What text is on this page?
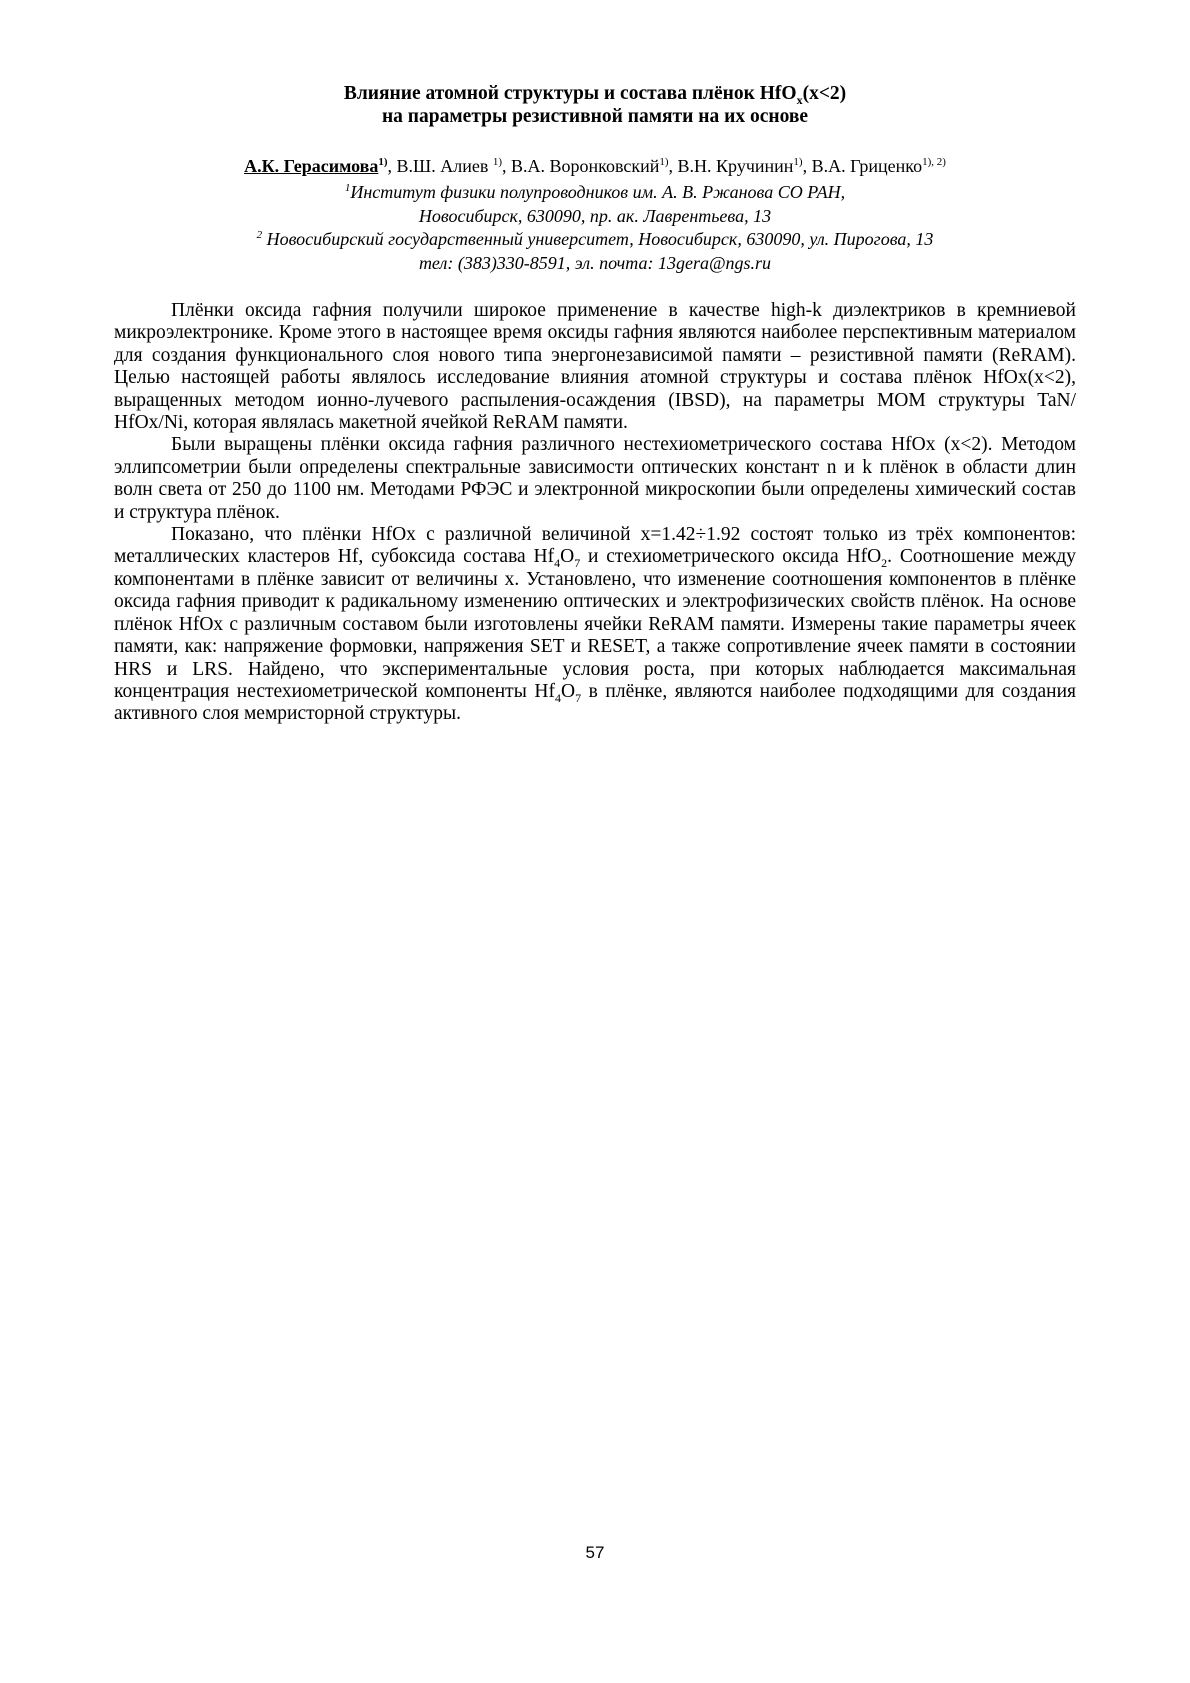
Влияние атомной структуры и состава плёнок HfO$_x$(x<2)
на параметры резистивной памяти на их основе
А.К. Герасимова$^{1)}$, В.Ш. Алиев $^{1)}$, В.А. Воронковский$^{1)}$, В.Н. Кручинин$^{1)}$, В.А. Гриценко$^{1), 2)}$
$^1$Институт физики полупроводников им. А. В. Ржанова СО РАН,
Новосибирск, 630090, пр. ак. Лаврентьева, 13
$^2$ Новосибирский государственный университет, Новосибирск, 630090, ул. Пирогова, 13
тел: (383)330-8591, эл. почта: 13gera@ngs.ru

Плёнки оксида гафния получили широкое применение в качестве high-k диэлектриков в кремниевой микроэлектронике. Кроме этого в настоящее время оксиды гафния являются наиболее перспективным материалом для создания функционального слоя нового типа энергонезависимой памяти – резистивной памяти (ReRAM). Целью настоящей работы являлось исследование влияния атомной структуры и состава плёнок HfOx(x<2), выращенных методом ионно-лучевого распыления-осаждения (IBSD), на параметры MOM структуры TaN/ HfOx/Ni, которая являлась макетной ячейкой ReRAM памяти.

Были выращены плёнки оксида гафния различного нестехиометрического состава HfOx (x<2). Методом эллипсометрии были определены спектральные зависимости оптических констант n и k плёнок в области длин волн света от 250 до 1100 нм. Методами РФЭС и электронной микроскопии были определены химический состав и структура плёнок.

Показано, что плёнки HfOx с различной величиной x=1.42÷1.92 состоят только из трёх компонентов: металлических кластеров Hf, субоксида состава $Hf_4O_7$ и стехиометрического оксида HfO$_2$. Соотношение между компонентами в плёнке зависит от величины x. Установлено, что изменение соотношения компонентов в плёнке оксида гафния приводит к радикальному изменению оптических и электрофизических свойств плёнок. На основе плёнок HfOx с различным составом были изготовлены ячейки ReRAM памяти. Измерены такие параметры ячеек памяти, как: напряжение формовки, напряжения SET и RESET, а также сопротивление ячеек памяти в состоянии HRS и LRS. Найдено, что экспериментальные условия роста, при которых наблюдается максимальная концентрация нестехиометрической компоненты $Hf_4O_7$ в плёнке, являются наиболее подходящими для создания активного слоя мемристорной структуры.

57
